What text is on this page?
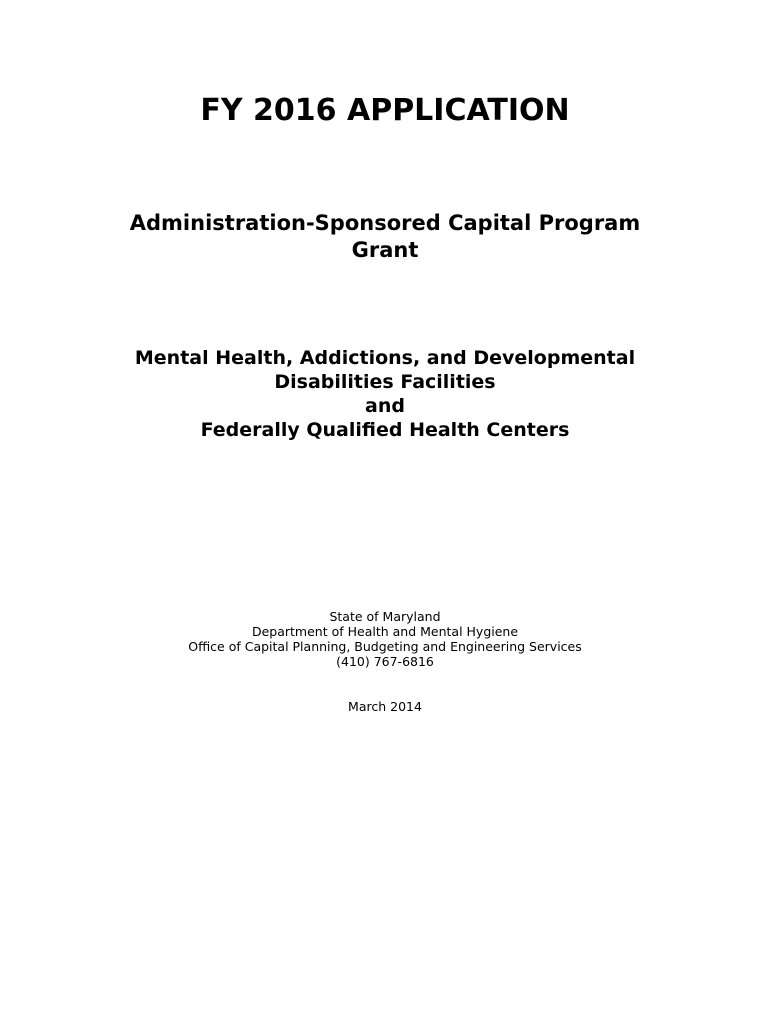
FY 2016 APPLICATION
Administration-Sponsored Capital Program
Grant
Mental Health, Addictions, and Developmental
Disabilities Facilities
and
Federally Qualified Health Centers
State of Maryland
Department of Health and Mental Hygiene
Office of Capital Planning, Budgeting and Engineering Services
(410) 767-6816
March 2014
